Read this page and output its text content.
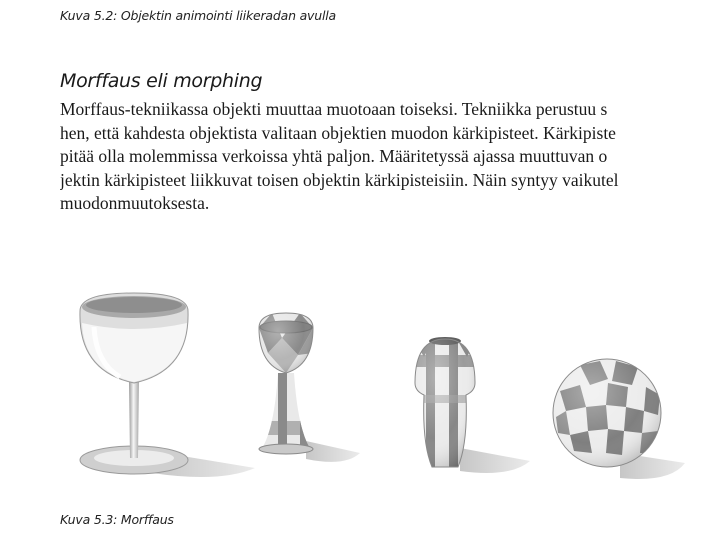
Kuva 5.2: Objektin animointi liikeradan avulla
Morffaus eli morphing
Morffaus-tekniikassa objekti muuttaa muotoaan toiseksi. Tekniikka perustuu s
hen, että kahdesta objektista valitaan objektien muodon kärkipisteet. Kärkipiste
pitää olla molemmissa verkoissa yhtä paljon. Määritetyssä ajassa muuttuvan o
jektin kärkipisteet liikkuvat toisen objektin kärkipisteisiin. Näin syntyy vaikutel
muodonmuutoksesta.
Kuva 5.3: Morffaus
